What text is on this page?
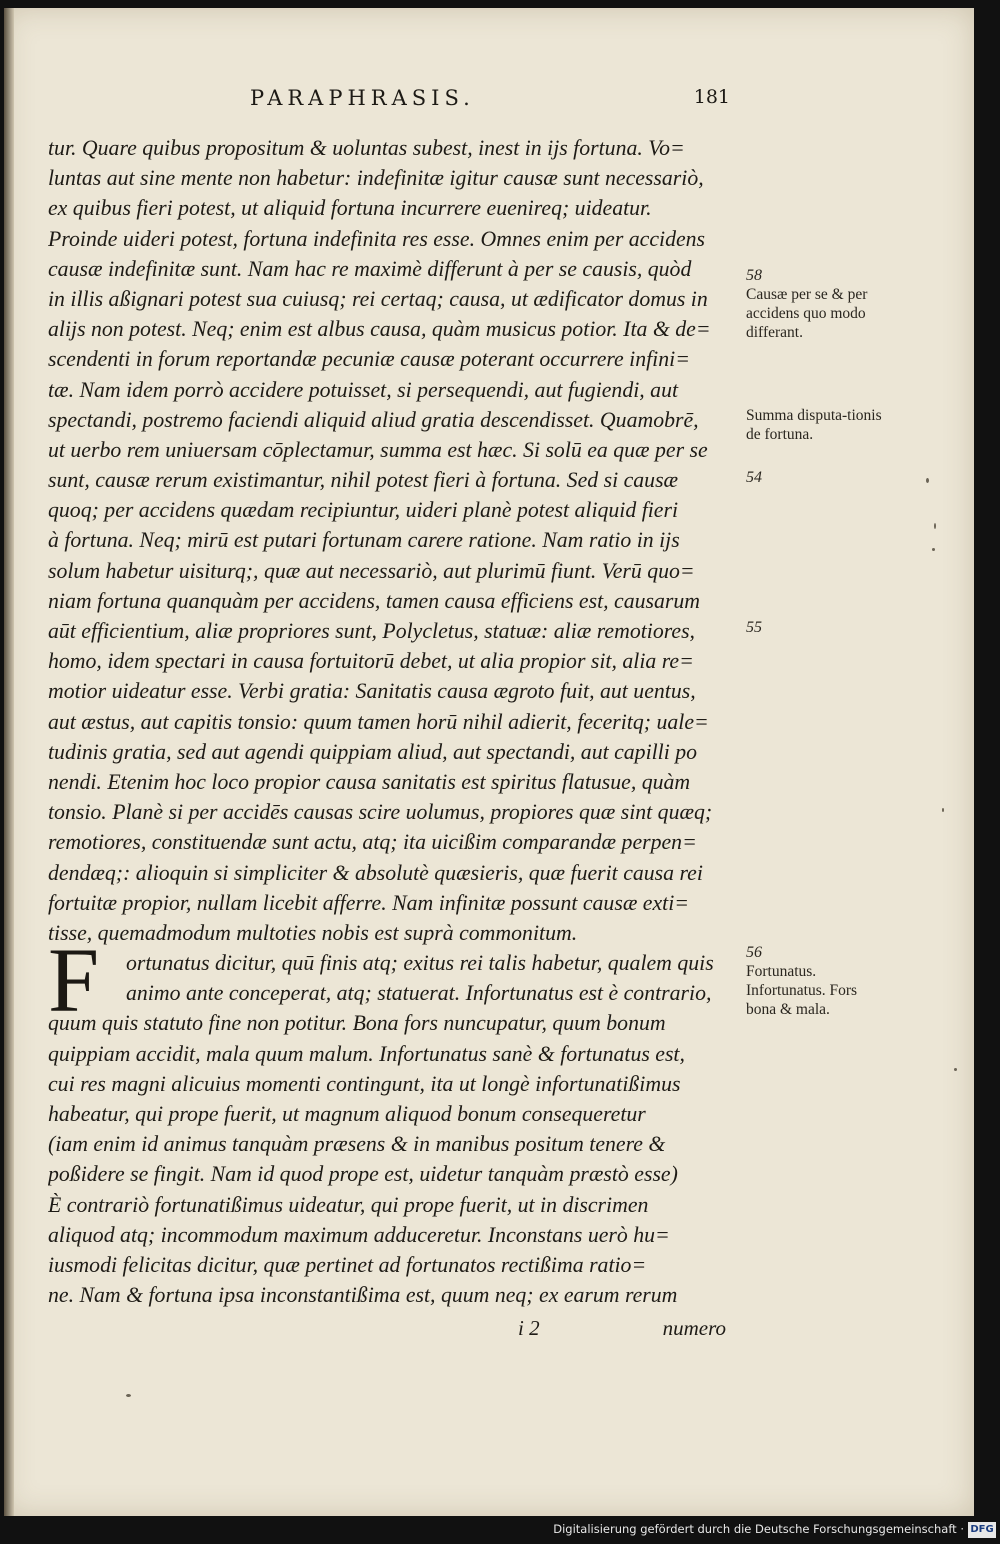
PARAPHRASIS.	181
tur. Quare quibus propositum & uoluntas subest, inest in ijs fortuna. Vo=
luntas aut sine mente non habetur: indefinitæ igitur causæ sunt necessariò,
ex quibus fieri potest, ut aliquid fortuna incurrere euenireq; uideatur.
Proinde uideri potest, fortuna indefinita res esse. Omnes enim per accidens
causæ indefinitæ sunt. Nam hac re maximè differunt à per se causis, quòd
in illis aßignari potest sua cuiusq; rei certaq; causa, ut ædificator domus in
alijs non potest. Neq; enim est albus causa, quàm musicus potior. Ita & de=
scendenti in forum reportandæ pecuniæ causæ poterant occurrere infini=
tæ. Nam idem porrò accidere potuisset, si persequendi, aut fugiendi, aut
spectandi, postremo faciendi aliquid aliud gratia descendisset. Quamobrē,
ut uerbo rem uniuersam cōplectamur, summa est hæc. Si solū ea quæ per se
sunt, causæ rerum existimantur, nihil potest fieri à fortuna. Sed si causæ
quoq; per accidens quædam recipiuntur, uideri planè potest aliquid fieri
à fortuna. Neq; mirū est putari fortunam carere ratione. Nam ratio in ijs
solum habetur uisiturq;, quæ aut necessariò, aut plurimū fiunt. Verū quo=
niam fortuna quanquàm per accidens, tamen causa efficiens est, causarum
aūt efficientium, aliæ propriores sunt, Polycletus, statuæ: aliæ remotiores,
homo, idem spectari in causa fortuitorū debet, ut alia propior sit, alia re=
motior uideatur esse. Verbi gratia: Sanitatis causa ægroto fuit, aut uentus,
aut æstus, aut capitis tonsio: quum tamen horū nihil adierit, feceritq; uale=
tudinis gratia, sed aut agendi quippiam aliud, aut spectandi, aut capilli po
nendi. Etenim hoc loco propior causa sanitatis est spiritus flatusue, quàm
tonsio. Planè si per accidēs causas scire uolumus, propiores quæ sint quæq;
remotiores, constituendæ sunt actu, atq; ita uicißim comparandæ perpen=
dendæq;: alioquin si simpliciter & absolutè quæsieris, quæ fuerit causa rei
fortuitæ propior, nullam licebit afferre. Nam infinitæ possunt causæ exti=
tisse, quemadmodum multoties nobis est suprà commonitum.
ortunatus dicitur, quū finis atq; exitus rei talis habetur, qualem quis
animo ante conceperat, atq; statuerat. Infortunatus est è contrario,
quum quis statuto fine non potitur. Bona fors nuncupatur, quum bonum
quippiam accidit, mala quum malum. Infortunatus sanè & fortunatus est,
cui res magni alicuius momenti contingunt, ita ut longè infortunatißimus
habeatur, qui prope fuerit, ut magnum aliquod bonum consequeretur
(iam enim id animus tanquàm præsens & in manibus positum tenere &
poßidere se fingit. Nam id quod prope est, uidetur tanquàm præstò esse)
È contrariò fortunatißimus uideatur, qui prope fuerit, ut in discrimen
aliquod atq; incommodum maximum adduceretur. Inconstans uerò hu=
iusmodi felicitas dicitur, quæ pertinet ad fortunatos rectißima ratio=
ne. Nam & fortuna ipsa inconstantißima est, quum neq; ex earum rerum
F
i 2	numero
58
Causæ per se & per accidens quo modo differant.
Summa disputa-tionis de fortuna.
54
55
56
Fortunatus. Infortunatus. Fors bona & mala.
Digitalisierung gefördert durch die Deutsche Forschungsgemeinschaft · DFG
